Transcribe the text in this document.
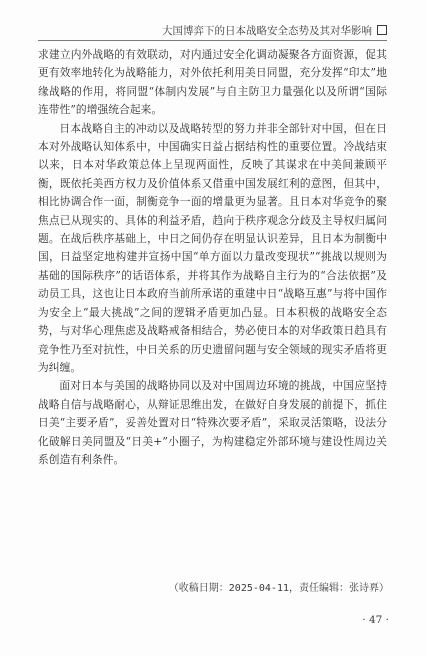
大国博弈下的日本战略安全态势及其对华影响

求建立内外战略的有效联动，对内通过安全化调动凝聚各方面资源，促其更有效率地转化为战略能力，对外依托利用美日同盟，充分发挥“印太”地缘战略的作用，将同盟“体制内发展”与自主防卫力量强化以及所谓“国际连带性”的增强统合起来。

日本战略自主的冲动以及战略转型的努力并非全部针对中国，但在日本对外战略认知体系中，中国确实日益占据结构性的重要位置。冷战结束以来，日本对华政策总体上呈现两面性，反映了其谋求在中美间兼顾平衡，既依托美西方权力及价值体系又借重中国发展红利的意图，但其中，相比协调合作一面，制衡竞争一面的增量更为显著。且日本对华竞争的聚焦点已从现实的、具体的利益矛盾，趋向于秩序观念分歧及主导权归属问题。在战后秩序基础上，中日之间仍存在明显认识差异，且日本为制衡中国，日益坚定地构建并宣扬中国“单方面以力量改变现状”“挑战以规则为基础的国际秩序”的话语体系，并将其作为战略自主行为的“合法依据”及动员工具，这也让日本政府当前所承诺的重建中日“战略互惠”与将中国作为安全上“最大挑战”之间的逻辑矛盾更加凸显。日本积极的战略安全态势，与对华心理焦虑及战略戒备相结合，势必使日本的对华政策日趋具有竞争性乃至对抗性，中日关系的历史遗留问题与安全领域的现实矛盾将更为纠缠。

面对日本与美国的战略协同以及对中国周边环境的挑战，中国应坚持战略自信与战略耐心，从辩证思维出发，在做好自身发展的前提下，抓住日美“主要矛盾”，妥善处置对日“特殊次要矛盾”，采取灵活策略，设法分化破解日美同盟及“日美+”小圈子，为构建稳定外部环境与建设性周边关系创造有利条件。

（收稿日期：2025-04-11，责任编辑：张诗奡）
· 47 ·
